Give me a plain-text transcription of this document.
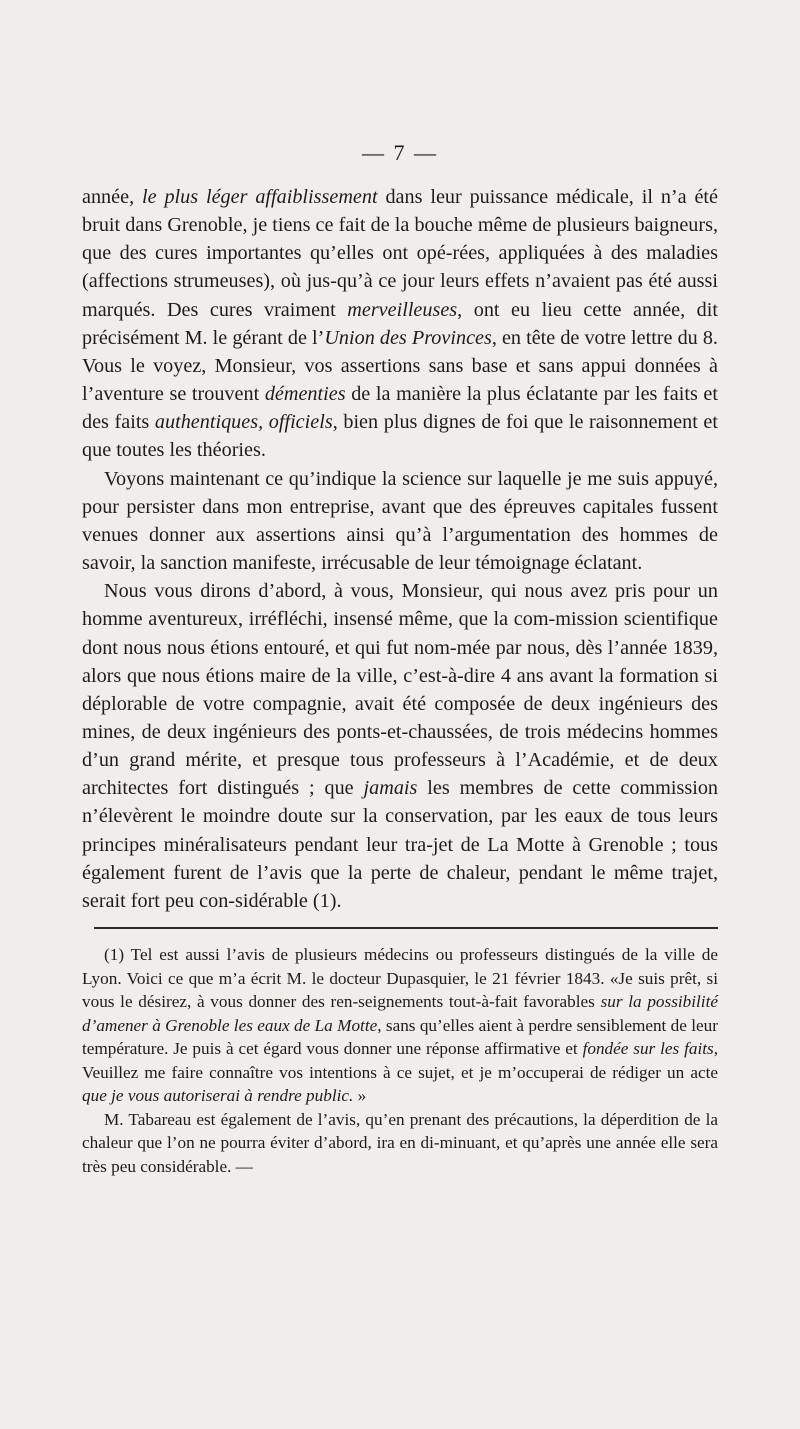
— 7 —

année, le plus léger affaiblissement dans leur puissance médicale, il n’a été bruit dans Grenoble, je tiens ce fait de la bouche même de plusieurs baigneurs, que des cures importantes qu’elles ont opé-rées, appliquées à des maladies (affections strumeuses), où jus-qu’à ce jour leurs effets n’avaient pas été aussi marqués. Des cures vraiment merveilleuses, ont eu lieu cette année, dit précisément M. le gérant de l’Union des Provinces, en tête de votre lettre du 8. Vous le voyez, Monsieur, vos assertions sans base et sans appui données à l’aventure se trouvent démenties de la manière la plus éclatante par les faits et des faits authentiques, officiels, bien plus dignes de foi que le raisonnement et que toutes les théories.

Voyons maintenant ce qu’indique la science sur laquelle je me suis appuyé, pour persister dans mon entreprise, avant que des épreuves capitales fussent venues donner aux assertions ainsi qu’à l’argumentation des hommes de savoir, la sanction manifeste, irrécusable de leur témoignage éclatant.

Nous vous dirons d’abord, à vous, Monsieur, qui nous avez pris pour un homme aventureux, irréfléchi, insensé même, que la com-mission scientifique dont nous nous étions entouré, et qui fut nom-mée par nous, dès l’année 1839, alors que nous étions maire de la ville, c’est-à-dire 4 ans avant la formation si déplorable de votre compagnie, avait été composée de deux ingénieurs des mines, de deux ingénieurs des ponts-et-chaussées, de trois médecins hommes d’un grand mérite, et presque tous professeurs à l’Académie, et de deux architectes fort distingués ; que jamais les membres de cette commission n’élevèrent le moindre doute sur la conservation, par les eaux de tous leurs principes minéralisateurs pendant leur tra-jet de La Motte à Grenoble ; tous également furent de l’avis que la perte de chaleur, pendant le même trajet, serait fort peu con-sidérable (1).

(1) Tel est aussi l’avis de plusieurs médecins ou professeurs distingués de la ville de Lyon. Voici ce que m’a écrit M. le docteur Dupasquier, le 21 février 1843. «Je suis prêt, si vous le désirez, à vous donner des ren-seignements tout-à-fait favorables sur la possibilité d’amener à Grenoble les eaux de La Motte, sans qu’elles aient à perdre sensiblement de leur température. Je puis à cet égard vous donner une réponse affirmative et fondée sur les faits, Veuillez me faire connaître vos intentions à ce sujet, et je m’occuperai de rédiger un acte que je vous autoriserai à rendre public. »

M. Tabareau est également de l’avis, qu’en prenant des précautions, la déperdition de la chaleur que l’on ne pourra éviter d’abord, ira en di-minuant, et qu’après une année elle sera très peu considérable. —
